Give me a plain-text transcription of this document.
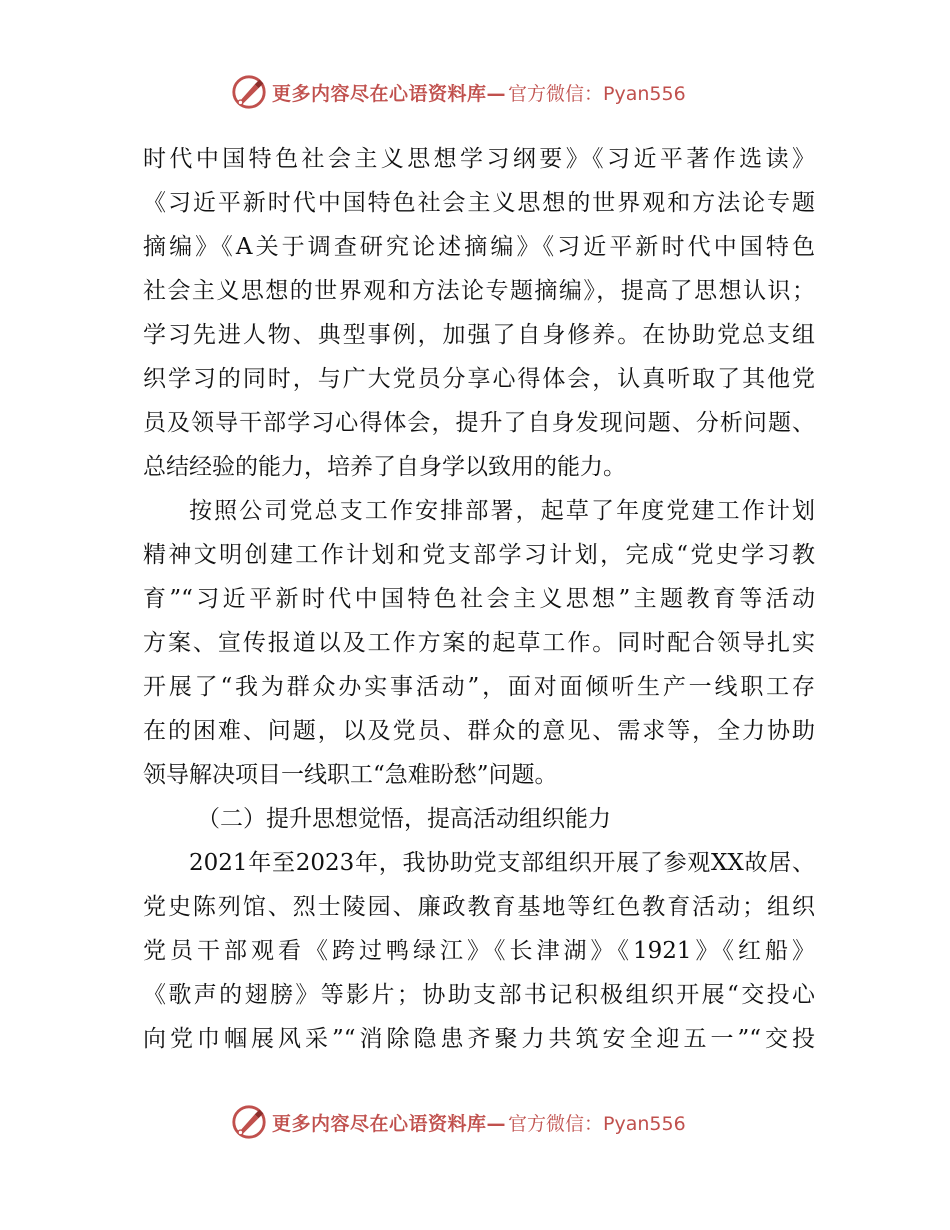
更多内容尽在心语资料库— 官方微信：Pyan556
时代中国特色社会主义思想学习纲要》《习近平著作选读》
《习近平新时代中国特色社会主义思想的世界观和方法论专题
摘编》《A关于调查研究论述摘编》《习近平新时代中国特色
社会主义思想的世界观和方法论专题摘编》，提高了思想认识；
学习先进人物、典型事例，加强了自身修养。在协助党总支组
织学习的同时，与广大党员分享心得体会，认真听取了其他党
员及领导干部学习心得体会，提升了自身发现问题、分析问题、
总结经验的能力，培养了自身学以致用的能力。
按照公司党总支工作安排部署，起草了年度党建工作计划
精神文明创建工作计划和党支部学习计划，完成“党史学习教
育”“习近平新时代中国特色社会主义思想”主题教育等活动
方案、宣传报道以及工作方案的起草工作。同时配合领导扎实
开展了“我为群众办实事活动”，面对面倾听生产一线职工存
在的困难、问题，以及党员、群众的意见、需求等，全力协助
领导解决项目一线职工“急难盼愁”问题。
（二）提升思想觉悟，提高活动组织能力
2021年至2023年，我协助党支部组织开展了参观XX故居、
党史陈列馆、烈士陵园、廉政教育基地等红色教育活动；组织
党员干部观看《跨过鸭绿江》《长津湖》《1921》《红船》
《歌声的翅膀》等影片；协助支部书记积极组织开展“交投心
向党巾帼展风采”“消除隐患齐聚力共筑安全迎五一”“交投
更多内容尽在心语资料库— 官方微信：Pyan556
